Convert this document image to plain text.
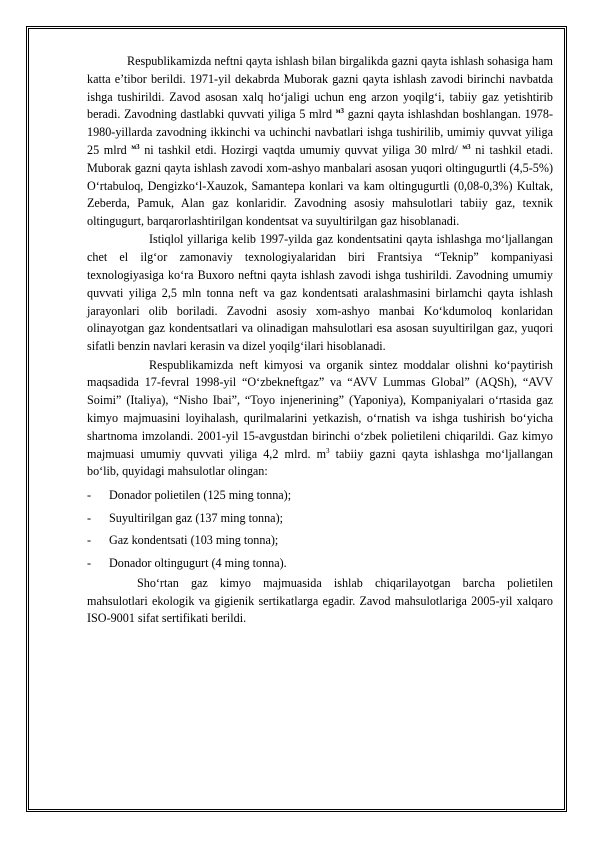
Respublikamizda neftni qayta ishlash bilan birgalikda gazni qayta ishlash sohasiga ham katta e’tibor berildi. 1971-yil dekabrda Muborak gazni qayta ishlash zavodi birinchi navbatda ishga tushirildi. Zavod asosan xalq ho‘jaligi uchun eng arzon yoqilg‘i, tabiiy gaz yetishtirib beradi. Zavodning dastlabki quvvati yiliga 5 mlrd $^{м3}$ gazni qayta ishlashdan boshlangan. 1978-1980-yillarda zavodning ikkinchi va uchinchi navbatlari ishga tushirilib, umimiy quvvat yiliga 25 mlrd $^{м3}$ ni tashkil etdi. Hozirgi vaqtda umumiy quvvat yiliga 30 mlrd/ $^{м3}$ ni tashkil etadi. Muborak gazni qayta ishlash zavodi xom-ashyo manbalari asosan yuqori oltingugurtli (4,5-5%) O‘rtabuloq, Dengizko‘l-Xauzok, Samantepa konlari va kam oltingugurtli (0,08-0,3%) Kultak, Zeberda, Pamuk, Alan gaz konlaridir. Zavodning asosiy mahsulotlari tabiiy gaz, texnik oltingugurt, barqarorlashtirilgan kondentsat va suyultirilgan gaz hisoblanadi.

Istiqlol yillariga kelib 1997-yilda gaz kondentsatini qayta ishlashga mo‘ljallangan chet el ilg‘or zamonaviy texnologiyalaridan biri Frantsiya “Teknip” kompaniyasi texnologiyasiga ko‘ra Buxoro neftni qayta ishlash zavodi ishga tushirildi. Zavodning umumiy quvvati yiliga 2,5 mln tonna neft va gaz kondentsati aralashmasini birlamchi qayta ishlash jarayonlari olib boriladi. Zavodni asosiy xom-ashyo manbai Ko‘kdumoloq konlaridan olinayotgan gaz kondentsatlari va olinadigan mahsulotlari esa asosan suyultirilgan gaz, yuqori sifatli benzin navlari kerasin va dizel yoqilg‘ilari hisoblanadi.

Respublikamizda neft kimyosi va organik sintez moddalar olishni ko‘paytirish maqsadida 17-fevral 1998-yil “O‘zbekneftgaz” va “AVV Lummas Global” (AQSh), “AVV Soimi” (Italiya), “Nisho Ibai”, “Toyo injenerining” (Yaponiya), Kompaniyalari o‘rtasida gaz kimyo majmuasini loyihalash, qurilmalarini yetkazish, o‘rnatish va ishga tushirish bo‘yicha shartnoma imzolandi. 2001-yil 15-avgustdan birinchi o‘zbek polietileni chiqarildi. Gaz kimyo majmuasi umumiy quvvati yiliga 4,2 mlrd. $m^3$ tabiiy gazni qayta ishlashga mo‘ljallangan bo‘lib, quyidagi mahsulotlar olingan:

- Donador polietilen (125 ming tonna);
- Suyultirilgan gaz (137 ming tonna);
- Gaz kondentsati (103 ming tonna);
- Donador oltingugurt (4 ming tonna).

Sho‘rtan gaz kimyo majmuasida ishlab chiqarilayotgan barcha polietilen mahsulotlari ekologik va gigienik sertikatlarga egadir. Zavod mahsulotlariga 2005-yil xalqaro ISO-9001 sifat sertifikati berildi.
